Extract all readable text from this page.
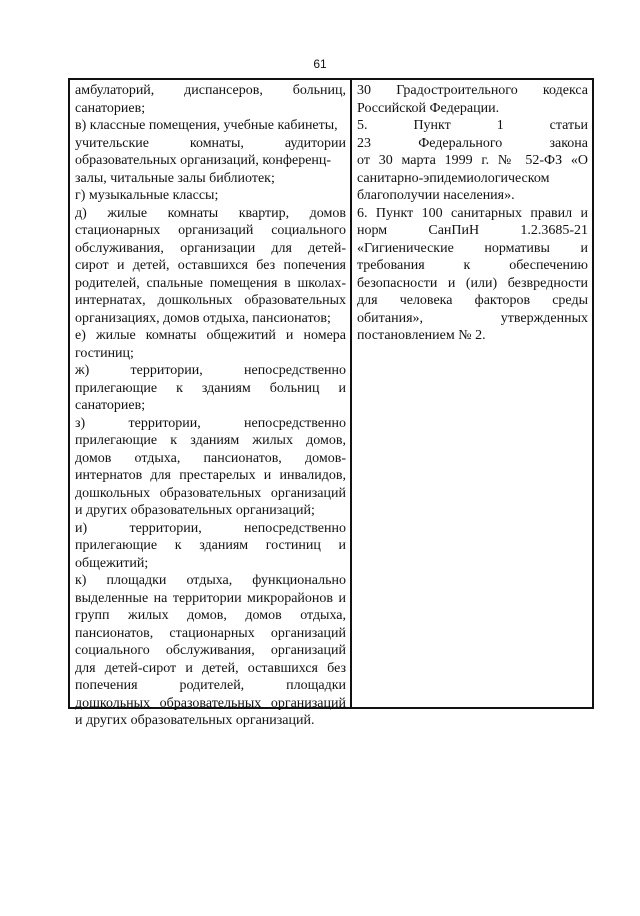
61
амбулаторий, диспансеров, больниц,
санаториев;
в) классные помещения, учебные кабинеты,
учительские комнаты, аудитории
образовательных организаций, конференц-
залы, читальные залы библиотек;
г) музыкальные классы;
д) жилые комнаты квартир, домов
стационарных организаций социального
обслуживания, организации для детей-
сирот и детей, оставшихся без попечения
родителей, спальные помещения в школах-
интернатах, дошкольных образовательных
организациях, домов отдыха, пансионатов;
е) жилые комнаты общежитий и номера
гостиниц;
ж) территории, непосредственно
прилегающие к зданиям больниц и
санаториев;
з) территории, непосредственно
прилегающие к зданиям жилых домов,
домов отдыха, пансионатов, домов-
интернатов для престарелых и инвалидов,
дошкольных образовательных организаций
и других образовательных организаций;
и) территории, непосредственно
прилегающие к зданиям гостиниц и
общежитий;
к) площадки отдыха, функционально
выделенные на территории микрорайонов и
групп жилых домов, домов отдыха,
пансионатов, стационарных организаций
социального обслуживания, организаций
для детей-сирот и детей, оставшихся без
попечения родителей, площадки
дошкольных образовательных организаций
и других образовательных организаций.
30 Градостроительного кодекса
Российской Федерации.
5. Пункт 1 статьи
23 Федерального закона
от 30 марта 1999 г. № 52-ФЗ «О
санитарно-эпидемиологическом
благополучии населения».
6. Пункт 100 санитарных правил и
норм СанПиН 1.2.3685-21
«Гигиенические нормативы и
требования к обеспечению
безопасности и (или) безвредности
для человека факторов среды
обитания», утвержденных
постановлением № 2.
